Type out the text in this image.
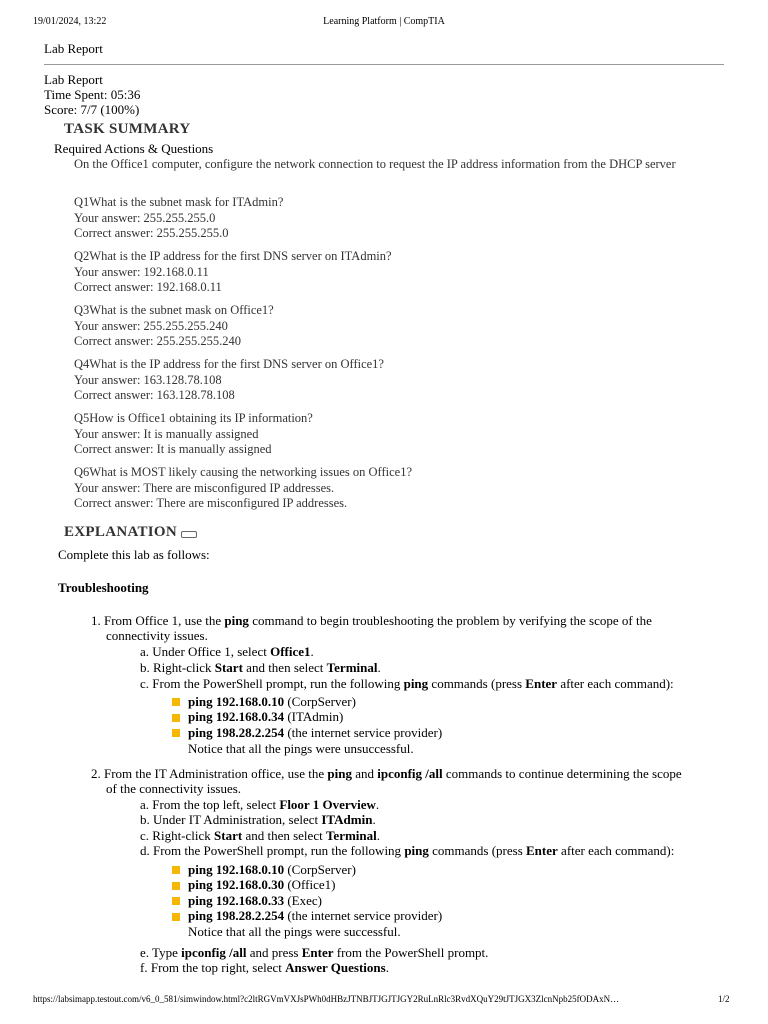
19/01/2024, 13:22	Learning Platform | CompTIA
Lab Report
Lab Report
Time Spent: 05:36
Score: 7/7 (100%)
TASK SUMMARY
Required Actions & Questions
On the Office1 computer, configure the network connection to request the IP address information from the DHCP server
Q1What is the subnet mask for ITAdmin?
Your answer: 255.255.255.0
Correct answer: 255.255.255.0
Q2What is the IP address for the first DNS server on ITAdmin?
Your answer: 192.168.0.11
Correct answer: 192.168.0.11
Q3What is the subnet mask on Office1?
Your answer: 255.255.255.240
Correct answer: 255.255.255.240
Q4What is the IP address for the first DNS server on Office1?
Your answer: 163.128.78.108
Correct answer: 163.128.78.108
Q5How is Office1 obtaining its IP information?
Your answer: It is manually assigned
Correct answer: It is manually assigned
Q6What is MOST likely causing the networking issues on Office1?
Your answer: There are misconfigured IP addresses.
Correct answer: There are misconfigured IP addresses.
EXPLANATION
Complete this lab as follows:
Troubleshooting
1. From Office 1, use the ping command to begin troubleshooting the problem by verifying the scope of the
connectivity issues.
a. Under Office 1, select Office1.
b. Right-click Start and then select Terminal.
c. From the PowerShell prompt, run the following ping commands (press Enter after each command):
ping 192.168.0.10 (CorpServer)
ping 192.168.0.34 (ITAdmin)
ping 198.28.2.254 (the internet service provider)
Notice that all the pings were unsuccessful.
2. From the IT Administration office, use the ping and ipconfig /all commands to continue determining the scope
of the connectivity issues.
a. From the top left, select Floor 1 Overview.
b. Under IT Administration, select ITAdmin.
c. Right-click Start and then select Terminal.
d. From the PowerShell prompt, run the following ping commands (press Enter after each command):
ping 192.168.0.10 (CorpServer)
ping 192.168.0.30 (Office1)
ping 192.168.0.33 (Exec)
ping 198.28.2.254 (the internet service provider)
Notice that all the pings were successful.
e. Type ipconfig /all and press Enter from the PowerShell prompt.
f. From the top right, select Answer Questions.
https://labsimapp.testout.com/v6_0_581/simwindow.html?c2ltRGVmVXJsPWh0dHBzJTNBJTJGJTJGY2RuLnRlc3RvdXQuY29tJTJGX3ZlcnNpb25fODAxN…	1/2
